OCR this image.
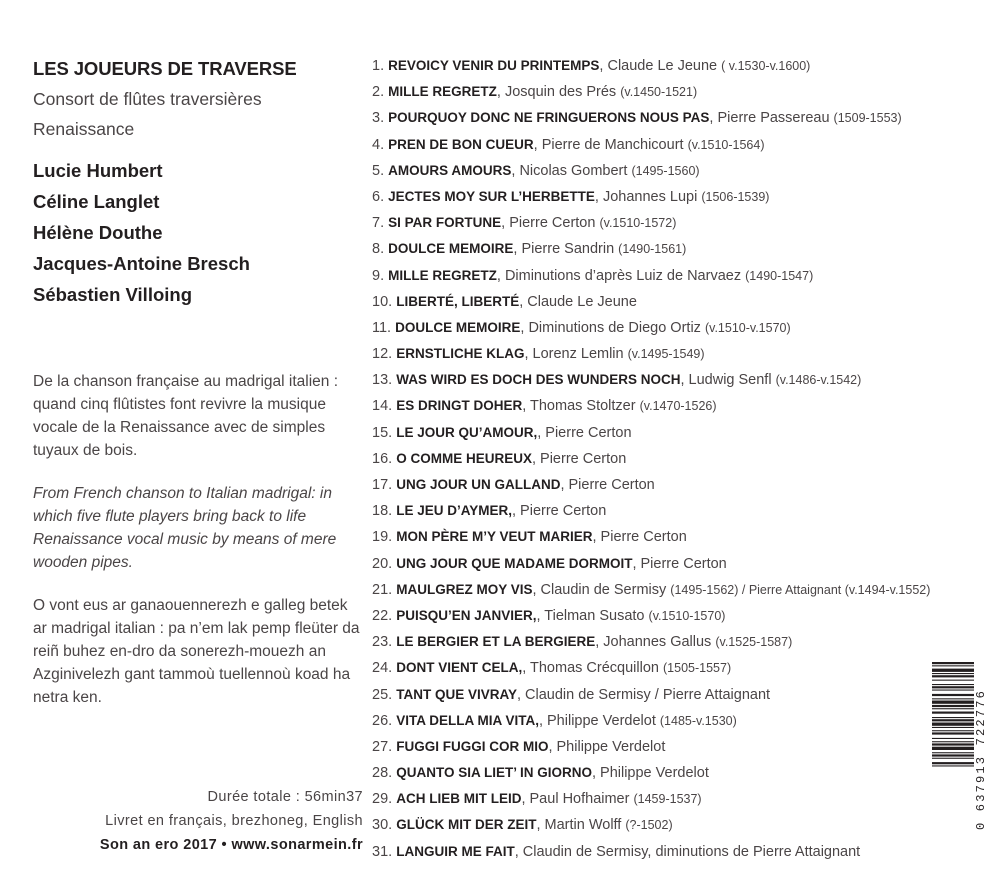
LES JOUEURS DE TRAVERSE
Consort de flûtes traversières
Renaissance
Lucie Humbert
Céline Langlet
Hélène Douthe
Jacques-Antoine Bresch
Sébastien Villoing

De la chanson française au madrigal italien : quand cinq flûtistes font revivre la musique vocale de la Renaissance avec de simples tuyaux de bois.

From French chanson to Italian madrigal: in which five flute players bring back to life Renaissance vocal music by means of mere wooden pipes.

O vont eus ar ganaouennerezh e galleg betek ar madrigal italian : pa n’em lak pemp fleüter da reiñ buhez en-dro da sonerezh-mouezh an Azginivelezh gant tammoù tuellennoù koad ha netra ken.

Durée totale : 56min37
Livret en français, brezhoneg, English
Son an ero 2017 • www.sonarmein.fr
1. REVOICY VENIR DU PRINTEMPS, Claude Le Jeune ( v.1530-v.1600)
2. MILLE REGRETZ, Josquin des Prés (v.1450-1521)
3. POURQUOY DONC NE FRINGUERONS NOUS PAS, Pierre Passereau (1509-1553)
4. PREN DE BON CUEUR, Pierre de Manchicourt (v.1510-1564)
5. AMOURS AMOURS, Nicolas Gombert (1495-1560)
6. JECTES MOY SUR L’HERBETTE, Johannes Lupi (1506-1539)
7. SI PAR FORTUNE, Pierre Certon (v.1510-1572)
8. DOULCE MEMOIRE, Pierre Sandrin (1490-1561)
9. MILLE REGRETZ, Diminutions d’après Luiz de Narvaez (1490-1547)
10. LIBERTÉ, LIBERTÉ, Claude Le Jeune
11. DOULCE MEMOIRE, Diminutions de Diego Ortiz (v.1510-v.1570)
12. ERNSTLICHE KLAG, Lorenz Lemlin (v.1495-1549)
13. WAS WIRD ES DOCH DES WUNDERS NOCH, Ludwig Senfl (v.1486-v.1542)
14. ES DRINGT DOHER, Thomas Stoltzer (v.1470-1526)
15. LE JOUR QU’AMOUR,, Pierre Certon
16. O COMME HEUREUX, Pierre Certon
17. UNG JOUR UN GALLAND, Pierre Certon
18. LE JEU D’AYMER,, Pierre Certon
19. MON PÈRE M’Y VEUT MARIER, Pierre Certon
20. UNG JOUR QUE MADAME DORMOIT, Pierre Certon
21. MAULGREZ MOY VIS, Claudin de Sermisy (1495-1562) / Pierre Attaignant (v.1494-v.1552)
22. PUISQU’EN JANVIER,, Tielman Susato (v.1510-1570)
23. LE BERGIER ET LA BERGIERE, Johannes Gallus (v.1525-1587)
24. DONT VIENT CELA,, Thomas Crécquillon (1505-1557)
25. TANT QUE VIVRAY, Claudin de Sermisy / Pierre Attaignant
26. VITA DELLA MIA VITA,, Philippe Verdelot (1485-v.1530)
27. FUGGI FUGGI COR MIO, Philippe Verdelot
28. QUANTO SIA LIET’ IN GIORNO, Philippe Verdelot
29. ACH LIEB MIT LEID, Paul Hofhaimer (1459-1537)
30. GLÜCK MIT DER ZEIT, Martin Wolff (?-1502)
31. LANGUIR ME FAIT, Claudin de Sermisy, diminutions de Pierre Attaignant
0 637913 722776
